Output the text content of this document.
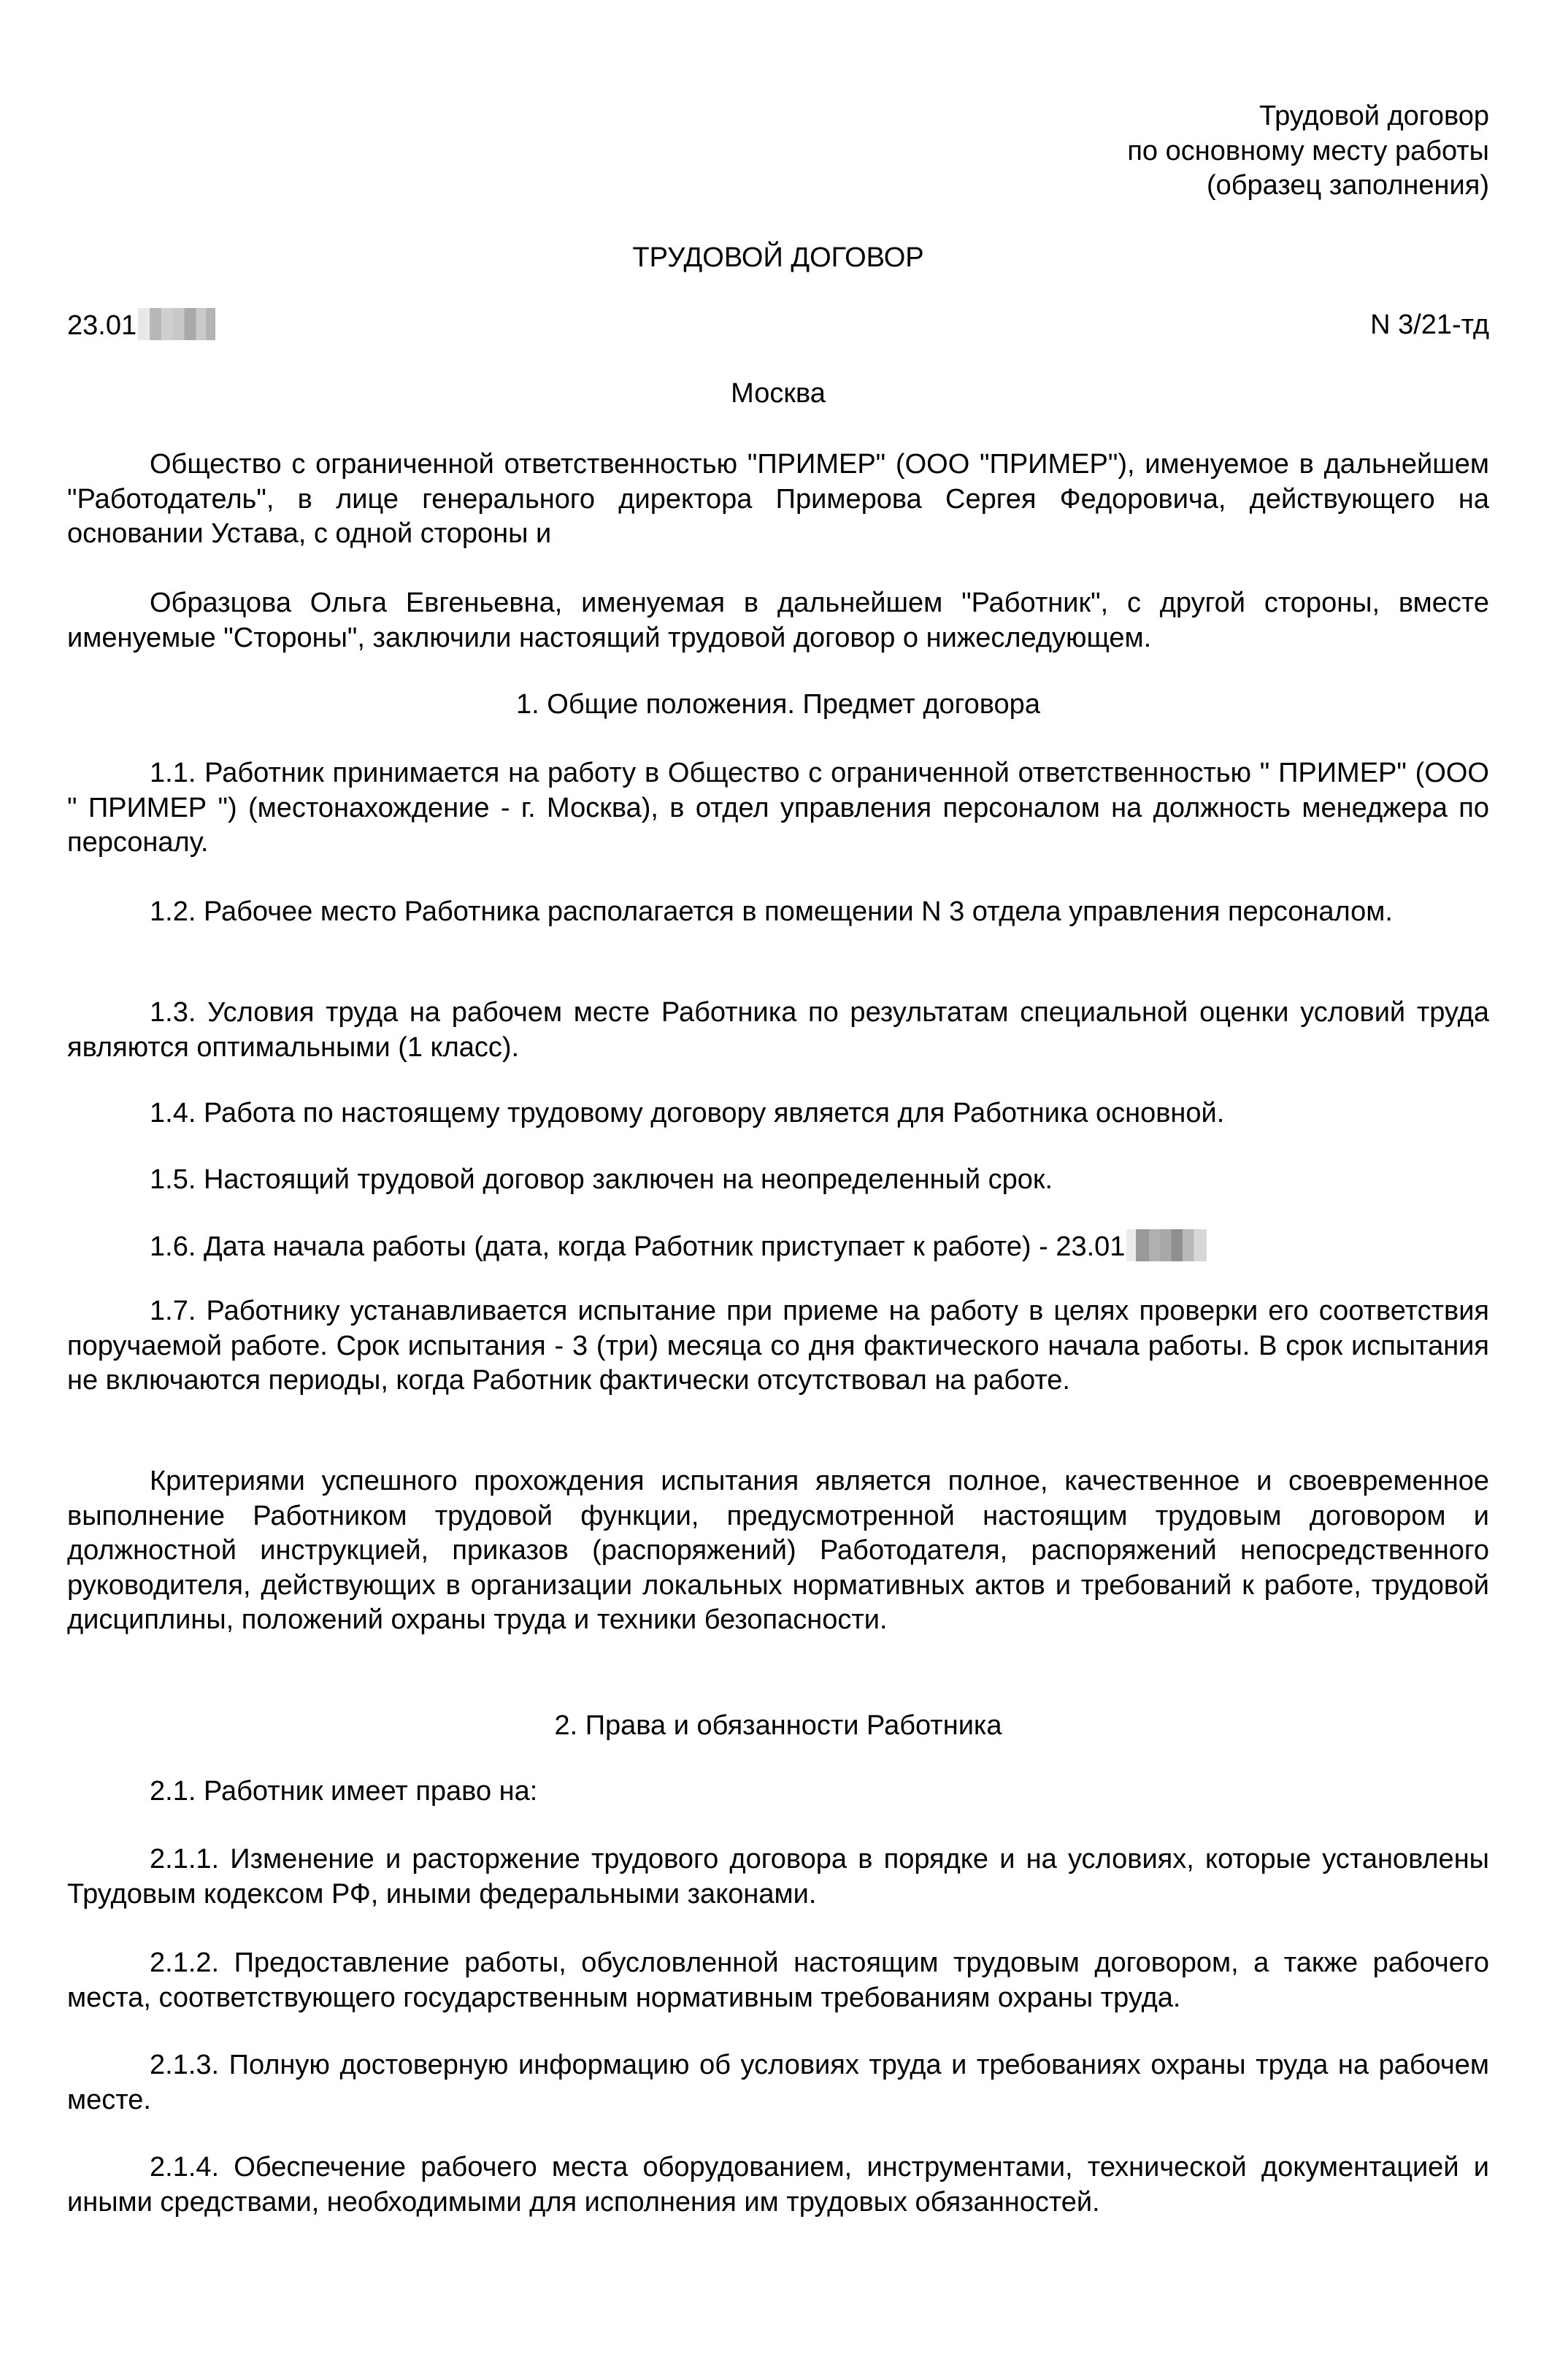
Трудовой договор
по основному месту работы
(образец заполнения)
ТРУДОВОЙ ДОГОВОР
23.01	N 3/21-тд
Москва

Общество с ограниченной ответственностью "ПРИМЕР" (ООО "ПРИМЕР"), именуемое в дальнейшем "Работодатель", в лице генерального директора Примерова Сергея Федоровича, действующего на основании Устава, с одной стороны и

Образцова Ольга Евгеньевна, именуемая в дальнейшем "Работник", с другой стороны, вместе именуемые "Стороны", заключили настоящий трудовой договор о нижеследующем.

1. Общие положения. Предмет договора

1.1. Работник принимается на работу в Общество с ограниченной ответственностью " ПРИМЕР" (ООО " ПРИМЕР ") (местонахождение - г. Москва), в отдел управления персоналом на должность менеджера по персоналу.

1.2. Рабочее место Работника располагается в помещении N 3 отдела управления персоналом.

1.3. Условия труда на рабочем месте Работника по результатам специальной оценки условий труда являются оптимальными (1 класс).

1.4. Работа по настоящему трудовому договору является для Работника основной.

1.5. Настоящий трудовой договор заключен на неопределенный срок.

1.6. Дата начала работы (дата, когда Работник приступает к работе) - 23.01

1.7. Работнику устанавливается испытание при приеме на работу в целях проверки его соответствия поручаемой работе. Срок испытания - 3 (три) месяца со дня фактического начала работы. В срок испытания не включаются периоды, когда Работник фактически отсутствовал на работе.

Критериями успешного прохождения испытания является полное, качественное и своевременное выполнение Работником трудовой функции, предусмотренной настоящим трудовым договором и должностной инструкцией, приказов (распоряжений) Работодателя, распоряжений непосредственного руководителя, действующих в организации локальных нормативных актов и требований к работе, трудовой дисциплины, положений охраны труда и техники безопасности.

2. Права и обязанности Работника

2.1. Работник имеет право на:

2.1.1. Изменение и расторжение трудового договора в порядке и на условиях, которые установлены Трудовым кодексом РФ, иными федеральными законами.

2.1.2. Предоставление работы, обусловленной настоящим трудовым договором, а также рабочего места, соответствующего государственным нормативным требованиям охраны труда.

2.1.3. Полную достоверную информацию об условиях труда и требованиях охраны труда на рабочем месте.

2.1.4. Обеспечение рабочего места оборудованием, инструментами, технической документацией и иными средствами, необходимыми для исполнения им трудовых обязанностей.
